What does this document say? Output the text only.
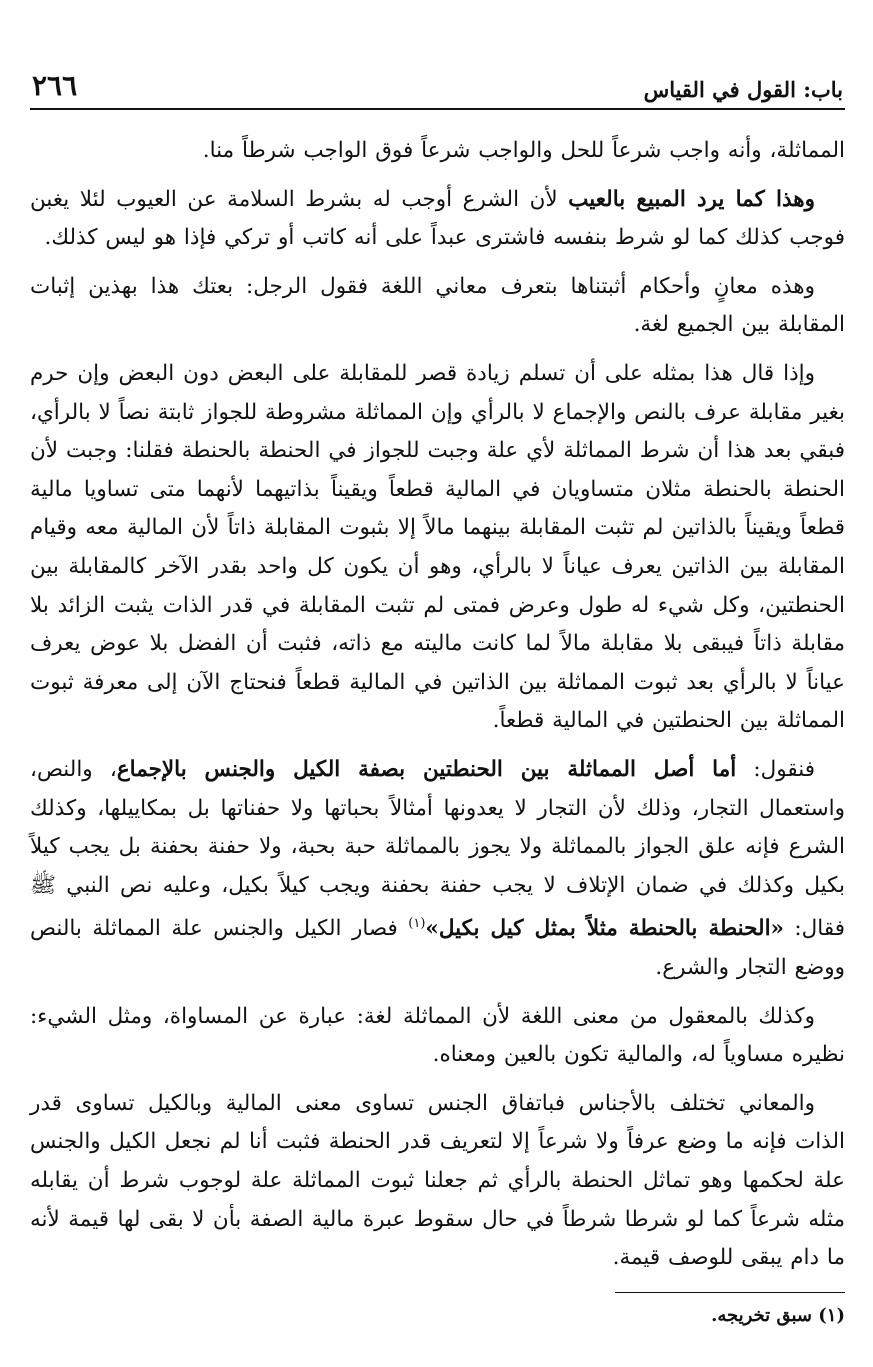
باب: القول في القياس
٢٦٦

المماثلة، وأنه واجب شرعاً للحل والواجب شرعاً فوق الواجب شرطاً منا.

وهذا كما يرد المبيع بالعيب لأن الشرع أوجب له بشرط السلامة عن العيوب لئلا يغبن فوجب كذلك كما لو شرط بنفسه فاشترى عبداً على أنه كاتب أو تركي فإذا هو ليس كذلك.

وهذه معانٍ وأحكام أثبتناها بتعرف معاني اللغة فقول الرجل: بعتك هذا بهذين إثبات المقابلة بين الجميع لغة.

وإذا قال هذا بمثله على أن تسلم زيادة قصر للمقابلة على البعض دون البعض وإن حرم بغير مقابلة عرف بالنص والإجماع لا بالرأي وإن المماثلة مشروطة للجواز ثابتة نصاً لا بالرأي، فبقي بعد هذا أن شرط المماثلة لأي علة وجبت للجواز في الحنطة بالحنطة فقلنا: وجبت لأن الحنطة بالحنطة مثلان متساويان في المالية قطعاً ويقيناً بذاتيهما لأنهما متى تساويا مالية قطعاً ويقيناً بالذاتين لم تثبت المقابلة بينهما مالاً إلا بثبوت المقابلة ذاتاً لأن المالية معه وقيام المقابلة بين الذاتين يعرف عياناً لا بالرأي، وهو أن يكون كل واحد بقدر الآخر كالمقابلة بين الحنطتين، وكل شيء له طول وعرض فمتى لم تثبت المقابلة في قدر الذات يثبت الزائد بلا مقابلة ذاتاً فيبقى بلا مقابلة مالاً لما كانت ماليته مع ذاته، فثبت أن الفضل بلا عوض يعرف عياناً لا بالرأي بعد ثبوت المماثلة بين الذاتين في المالية قطعاً فنحتاج الآن إلى معرفة ثبوت المماثلة بين الحنطتين في المالية قطعاً.

فنقول: أما أصل المماثلة بين الحنطتين بصفة الكيل والجنس بالإجماع، والنص، واستعمال التجار، وذلك لأن التجار لا يعدونها أمثالاً بحباتها ولا حفناتها بل بمكاييلها، وكذلك الشرع فإنه علق الجواز بالمماثلة ولا يجوز بالمماثلة حبة بحبة، ولا حفنة بحفنة بل يجب كيلاً بكيل وكذلك في ضمان الإتلاف لا يجب حفنة بحفنة ويجب كيلاً بكيل، وعليه نص النبي ﷺ فقال: «الحنطة بالحنطة مثلاً بمثل كيل بكيل»$^{(١)}$ فصار الكيل والجنس علة المماثلة بالنص ووضع التجار والشرع.

وكذلك بالمعقول من معنى اللغة لأن المماثلة لغة: عبارة عن المساواة، ومثل الشيء: نظيره مساوياً له، والمالية تكون بالعين ومعناه.

والمعاني تختلف بالأجناس فباتفاق الجنس تساوى معنى المالية وبالكيل تساوى قدر الذات فإنه ما وضع عرفاً ولا شرعاً إلا لتعريف قدر الحنطة فثبت أنا لم نجعل الكيل والجنس علة لحكمها وهو تماثل الحنطة بالرأي ثم جعلنا ثبوت المماثلة علة لوجوب شرط أن يقابله مثله شرعاً كما لو شرطا شرطاً في حال سقوط عبرة مالية الصفة بأن لا بقى لها قيمة لأنه ما دام يبقى للوصف قيمة.

(١) سبق تخريجه.
